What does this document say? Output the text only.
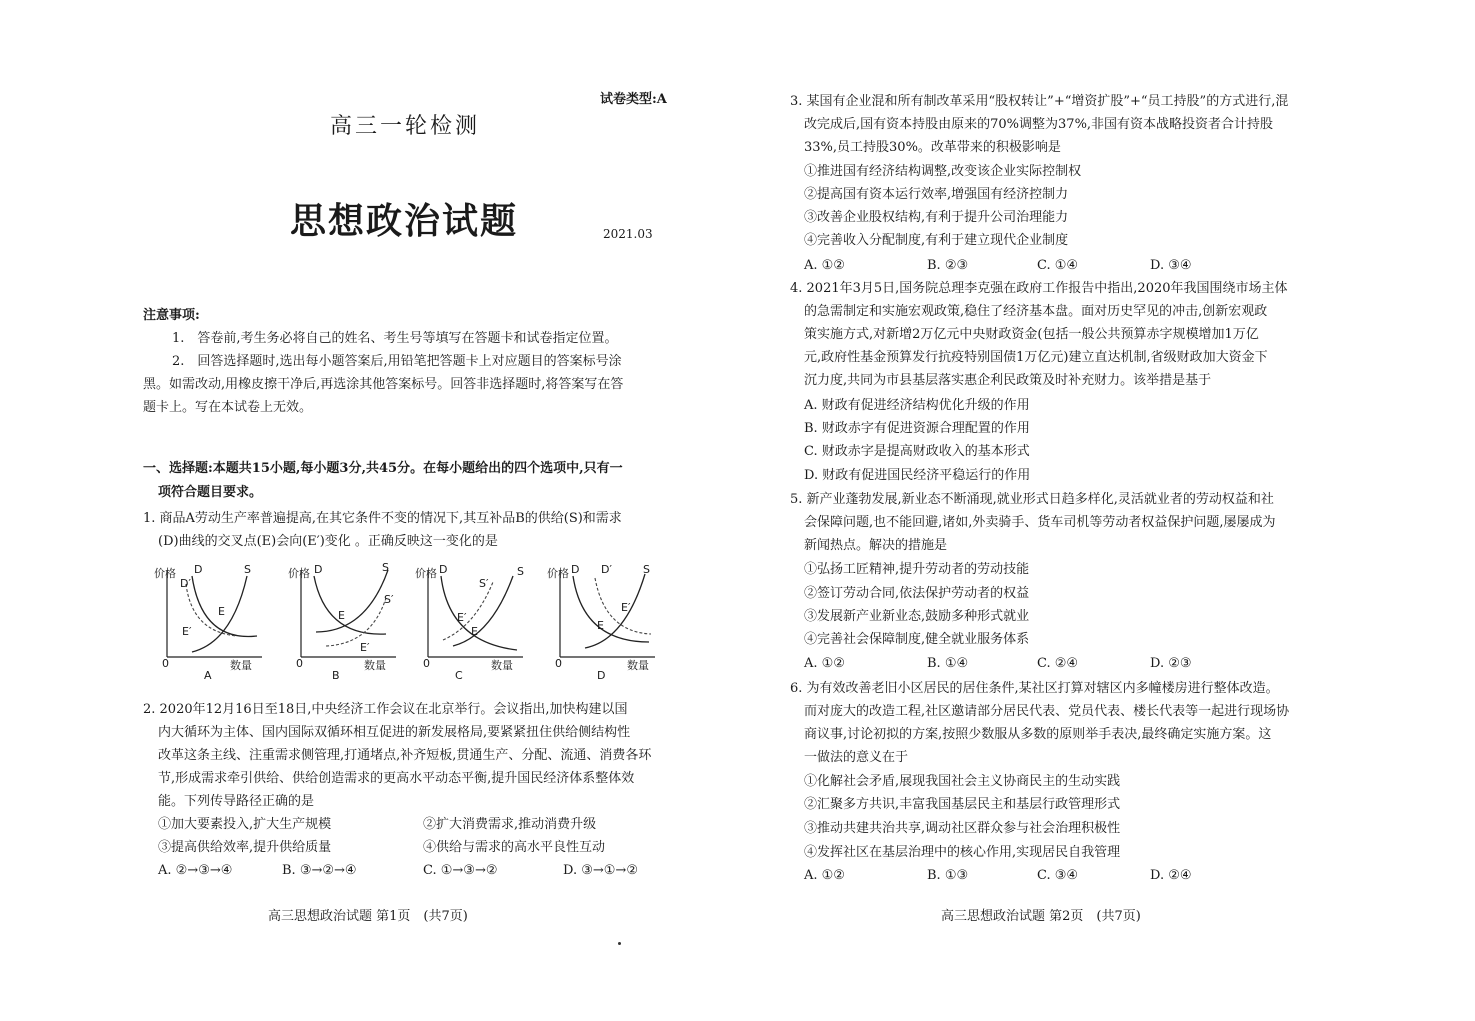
试卷类型:A
高三一轮检测
思想政治试题	2021.03
注意事项:
1.　答卷前,考生务必将自己的姓名、考生号等填写在答题卡和试卷指定位置。
2.　回答选择题时,选出每小题答案后,用铅笔把答题卡上对应题目的答案标号涂
黑。如需改动,用橡皮擦干净后,再选涂其他答案标号。回答非选择题时,将答案写在答
题卡上。写在本试卷上无效。
一、选择题:本题共15小题,每小题3分,共45分。在每小题给出的四个选项中,只有一
项符合题目要求。
1. 商品A劳动生产率普遍提高,在其它条件不变的情况下,其互补品B的供给(S)和需求
(D)曲线的交叉点(E)会向(E′)变化 。正确反映这一变化的是
价格 D
D′
S
E
E′
0	数量
A
价格 D	S
S′
E
E′
0	数量
B
价格 D
S′
S
E′
E
0	数量
C
价格 D D′	S
E′
E
0	数量
D
2. 2020年12月16日至18日,中央经济工作会议在北京举行。会议指出,加快构建以国
内大循环为主体、国内国际双循环相互促进的新发展格局,要紧紧扭住供给侧结构性
改革这条主线、注重需求侧管理,打通堵点,补齐短板,贯通生产、分配、流通、消费各环
节,形成需求牵引供给、供给创造需求的更高水平动态平衡,提升国民经济体系整体效
能。下列传导路径正确的是
①加大要素投入,扩大生产规模	②扩大消费需求,推动消费升级
③提高供给效率,提升供给质量	④供给与需求的高水平良性互动
A. ②→③→④	B. ③→②→④	C. ①→③→②	D. ③→①→②
高三思想政治试题 第1页　(共7页)
3. 某国有企业混和所有制改革采用“股权转让”+“增资扩股”+“员工持股”的方式进行,混
改完成后,国有资本持股由原来的70%调整为37%,非国有资本战略投资者合计持股
33%,员工持股30%。改革带来的积极影响是
①推进国有经济结构调整,改变该企业实际控制权
②提高国有资本运行效率,增强国有经济控制力
③改善企业股权结构,有利于提升公司治理能力
④完善收入分配制度,有利于建立现代企业制度
A. ①②	B. ②③	C. ①④	D. ③④
4. 2021年3月5日,国务院总理李克强在政府工作报告中指出,2020年我国围绕市场主体
的急需制定和实施宏观政策,稳住了经济基本盘。面对历史罕见的冲击,创新宏观政
策实施方式,对新增2万亿元中央财政资金(包括一般公共预算赤字规模增加1万亿
元,政府性基金预算发行抗疫特别国债1万亿元)建立直达机制,省级财政加大资金下
沉力度,共同为市县基层落实惠企利民政策及时补充财力。该举措是基于
A. 财政有促进经济结构优化升级的作用
B. 财政赤字有促进资源合理配置的作用
C. 财政赤字是提高财政收入的基本形式
D. 财政有促进国民经济平稳运行的作用
5. 新产业蓬勃发展,新业态不断涌现,就业形式日趋多样化,灵活就业者的劳动权益和社
会保障问题,也不能回避,诸如,外卖骑手、货车司机等劳动者权益保护问题,屡屡成为
新闻热点。解决的措施是
①弘扬工匠精神,提升劳动者的劳动技能
②签订劳动合同,依法保护劳动者的权益
③发展新产业新业态,鼓励多种形式就业
④完善社会保障制度,健全就业服务体系
A. ①②	B. ①④	C. ②④	D. ②③
6. 为有效改善老旧小区居民的居住条件,某社区打算对辖区内多幢楼房进行整体改造。
而对庞大的改造工程,社区邀请部分居民代表、党员代表、楼长代表等一起进行现场协
商议事,讨论初拟的方案,按照少数服从多数的原则举手表决,最终确定实施方案。这
一做法的意义在于
①化解社会矛盾,展现我国社会主义协商民主的生动实践
②汇聚多方共识,丰富我国基层民主和基层行政管理形式
③推动共建共治共享,调动社区群众参与社会治理积极性
④发挥社区在基层治理中的核心作用,实现居民自我管理
A. ①②	B. ①③	C. ③④	D. ②④
高三思想政治试题 第2页　(共7页)
